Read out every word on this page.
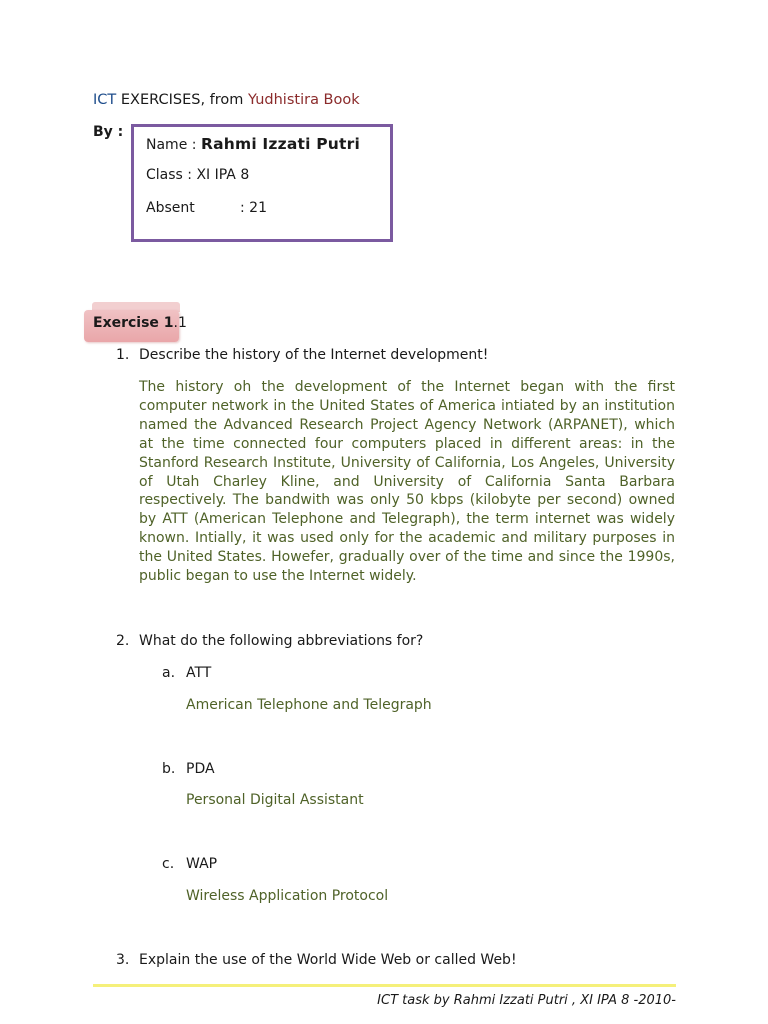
ICT EXERCISES, from Yudhistira Book
By :
Name : Rahmi Izzati Putri
Class : XI IPA 8
Absent	: 21
Exercise 1.1
1. Describe the history of the Internet development!
The history oh the development of the Internet began with the first computer network in the United States of America intiated by an institution named the Advanced Research Project Agency Network (ARPANET), which at the time connected four computers placed in different areas: in the Stanford Research Institute, University of California, Los Angeles, University of Utah Charley Kline, and University of California Santa Barbara respectively. The bandwith was only 50 kbps (kilobyte per second) owned by ATT (American Telephone and Telegraph), the term internet was widely known. Intially, it was used only for the academic and military purposes in the United States. Howefer, gradually over of the time and since the 1990s, public began to use the Internet widely.
2. What do the following abbreviations for?
a. ATT
American Telephone and Telegraph
b. PDA
Personal Digital Assistant
c. WAP
Wireless Application Protocol
3. Explain the use of the World Wide Web or called Web!
ICT task by Rahmi Izzati Putri , XI IPA 8 -2010-
